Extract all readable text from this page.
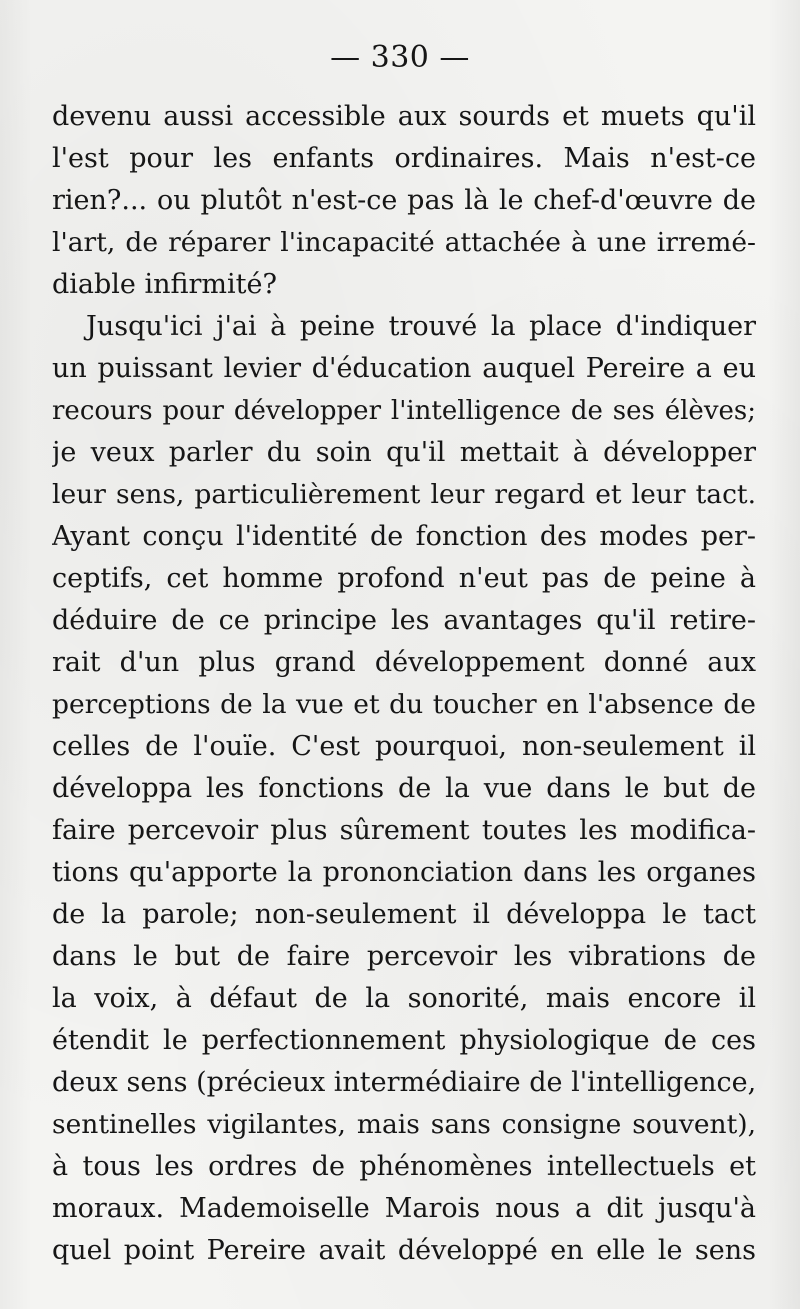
— 330 —
devenu aussi accessible aux sourds et muets qu'il
l'est pour les enfants ordinaires. Mais n'est-ce
rien?... ou plutôt n'est-ce pas là le chef-d'œuvre de
l'art, de réparer l'incapacité attachée à une irremé-
diable infirmité?
Jusqu'ici j'ai à peine trouvé la place d'indiquer
un puissant levier d'éducation auquel Pereire a eu
recours pour développer l'intelligence de ses élèves;
je veux parler du soin qu'il mettait à développer
leur sens, particulièrement leur regard et leur tact.
Ayant conçu l'identité de fonction des modes per-
ceptifs, cet homme profond n'eut pas de peine à
déduire de ce principe les avantages qu'il retire-
rait d'un plus grand développement donné aux
perceptions de la vue et du toucher en l'absence de
celles de l'ouïe. C'est pourquoi, non-seulement il
développa les fonctions de la vue dans le but de
faire percevoir plus sûrement toutes les modifica-
tions qu'apporte la prononciation dans les organes
de la parole; non-seulement il développa le tact
dans le but de faire percevoir les vibrations de
la voix, à défaut de la sonorité, mais encore il
étendit le perfectionnement physiologique de ces
deux sens (précieux intermédiaire de l'intelligence,
sentinelles vigilantes, mais sans consigne souvent),
à tous les ordres de phénomènes intellectuels et
moraux. Mademoiselle Marois nous a dit jusqu'à
quel point Pereire avait développé en elle le sens
